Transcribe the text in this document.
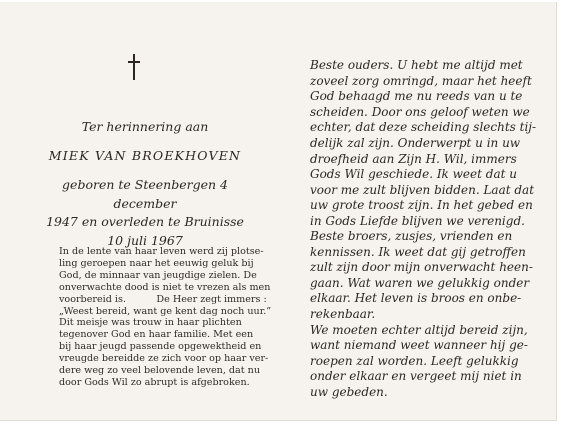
Ter herinnering aan
MIEK VAN BROEKHOVEN
geboren te Steenbergen 4 december
1947 en overleden te Bruinisse
10 juli 1967
In de lente van haar leven werd zij plotse-
ling geroepen naar het eeuwig geluk bij
God, de minnaar van jeugdige zielen. De
onverwachte dood is niet te vrezen als men
voorbereid is.          De Heer zegt immers :
„Weest bereid, want ge kent dag noch uur.”
Dit meisje was trouw in haar plichten
tegenover God en haar familie. Met een
bij haar jeugd passende opgewektheid en
vreugde bereidde ze zich voor op haar ver-
dere weg zo veel belovende leven, dat nu
door Gods Wil zo abrupt is afgebroken.
Beste ouders. U hebt me altijd met
zoveel zorg omringd, maar het heeft
God behaagd me nu reeds van u te
scheiden. Door ons geloof weten we
echter, dat deze scheiding slechts tij-
delijk zal zijn. Onderwerpt u in uw
droefheid aan Zijn H. Wil, immers
Gods Wil geschiede. Ik weet dat u
voor me zult blijven bidden. Laat dat
uw grote troost zijn. In het gebed en
in Gods Liefde blijven we verenigd.
Beste broers, zusjes, vrienden en
kennissen. Ik weet dat gij getroffen
zult zijn door mijn onverwacht heen-
gaan. Wat waren we gelukkig onder
elkaar. Het leven is broos en onbe-
rekenbaar.
We moeten echter altijd bereid zijn,
want niemand weet wanneer hij ge-
roepen zal worden. Leeft gelukkig
onder elkaar en vergeet mij niet in
uw gebeden.
